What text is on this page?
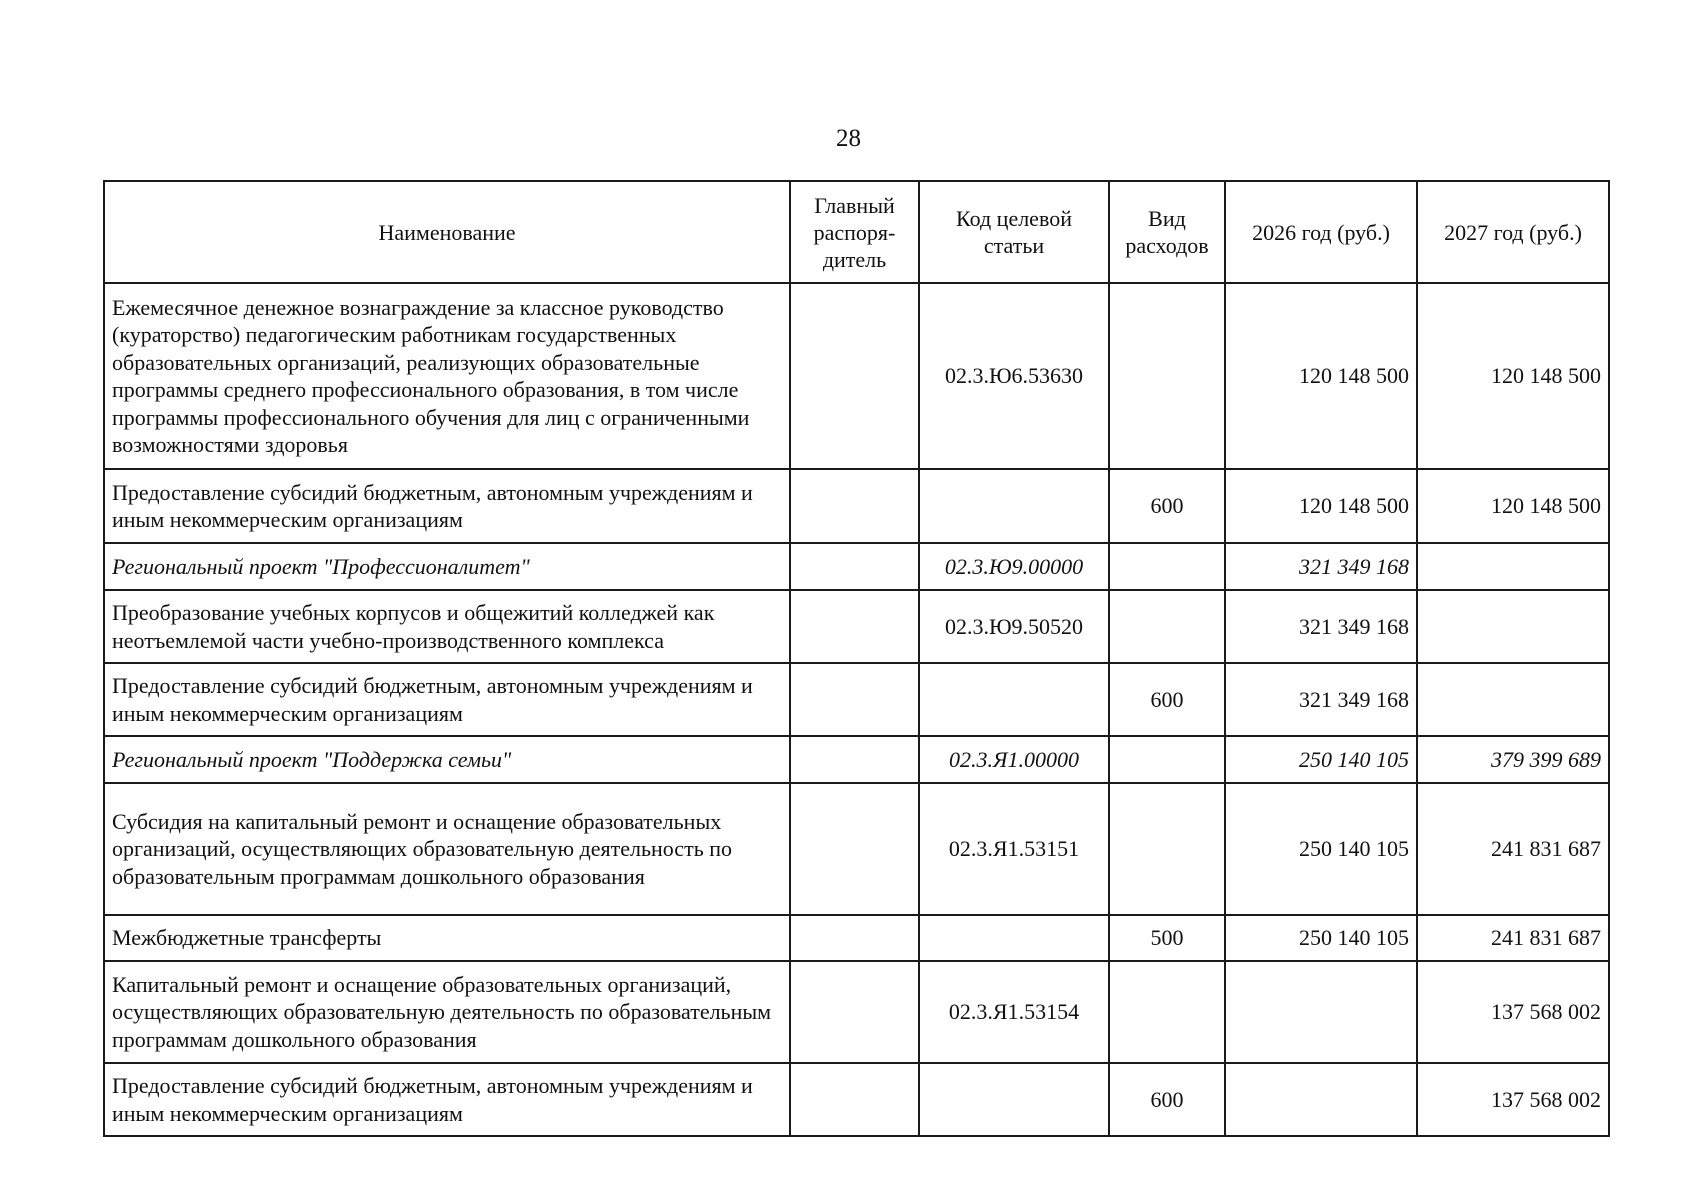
28
Наименование	Главный распоря-дитель	Код целевой статьи	Вид расходов	2026 год (руб.)	2027 год (руб.)
Ежемесячное денежное вознаграждение за классное руководство (кураторство) педагогическим работникам государственных образовательных организаций, реализующих образовательные программы среднего профессионального образования, в том числе программы профессионального обучения для лиц с ограниченными возможностями здоровья		02.3.Ю6.53630		120 148 500	120 148 500
Предоставление субсидий бюджетным, автономным учреждениям и иным некоммерческим организациям			600	120 148 500	120 148 500
Региональный проект "Профессионалитет"		02.3.Ю9.00000		321 349 168	
Преобразование учебных корпусов и общежитий колледжей как неотъемлемой части учебно-производственного комплекса		02.3.Ю9.50520		321 349 168	
Предоставление субсидий бюджетным, автономным учреждениям и иным некоммерческим организациям			600	321 349 168	
Региональный проект "Поддержка семьи"		02.3.Я1.00000		250 140 105	379 399 689
Субсидия на капитальный ремонт и оснащение образовательных организаций, осуществляющих образовательную деятельность по образовательным программам дошкольного образования		02.3.Я1.53151		250 140 105	241 831 687
Межбюджетные трансферты			500	250 140 105	241 831 687
Капитальный ремонт и оснащение образовательных организаций, осуществляющих образовательную деятельность по образовательным программам дошкольного образования		02.3.Я1.53154			137 568 002
Предоставление субсидий бюджетным, автономным учреждениям и иным некоммерческим организациям			600		137 568 002
